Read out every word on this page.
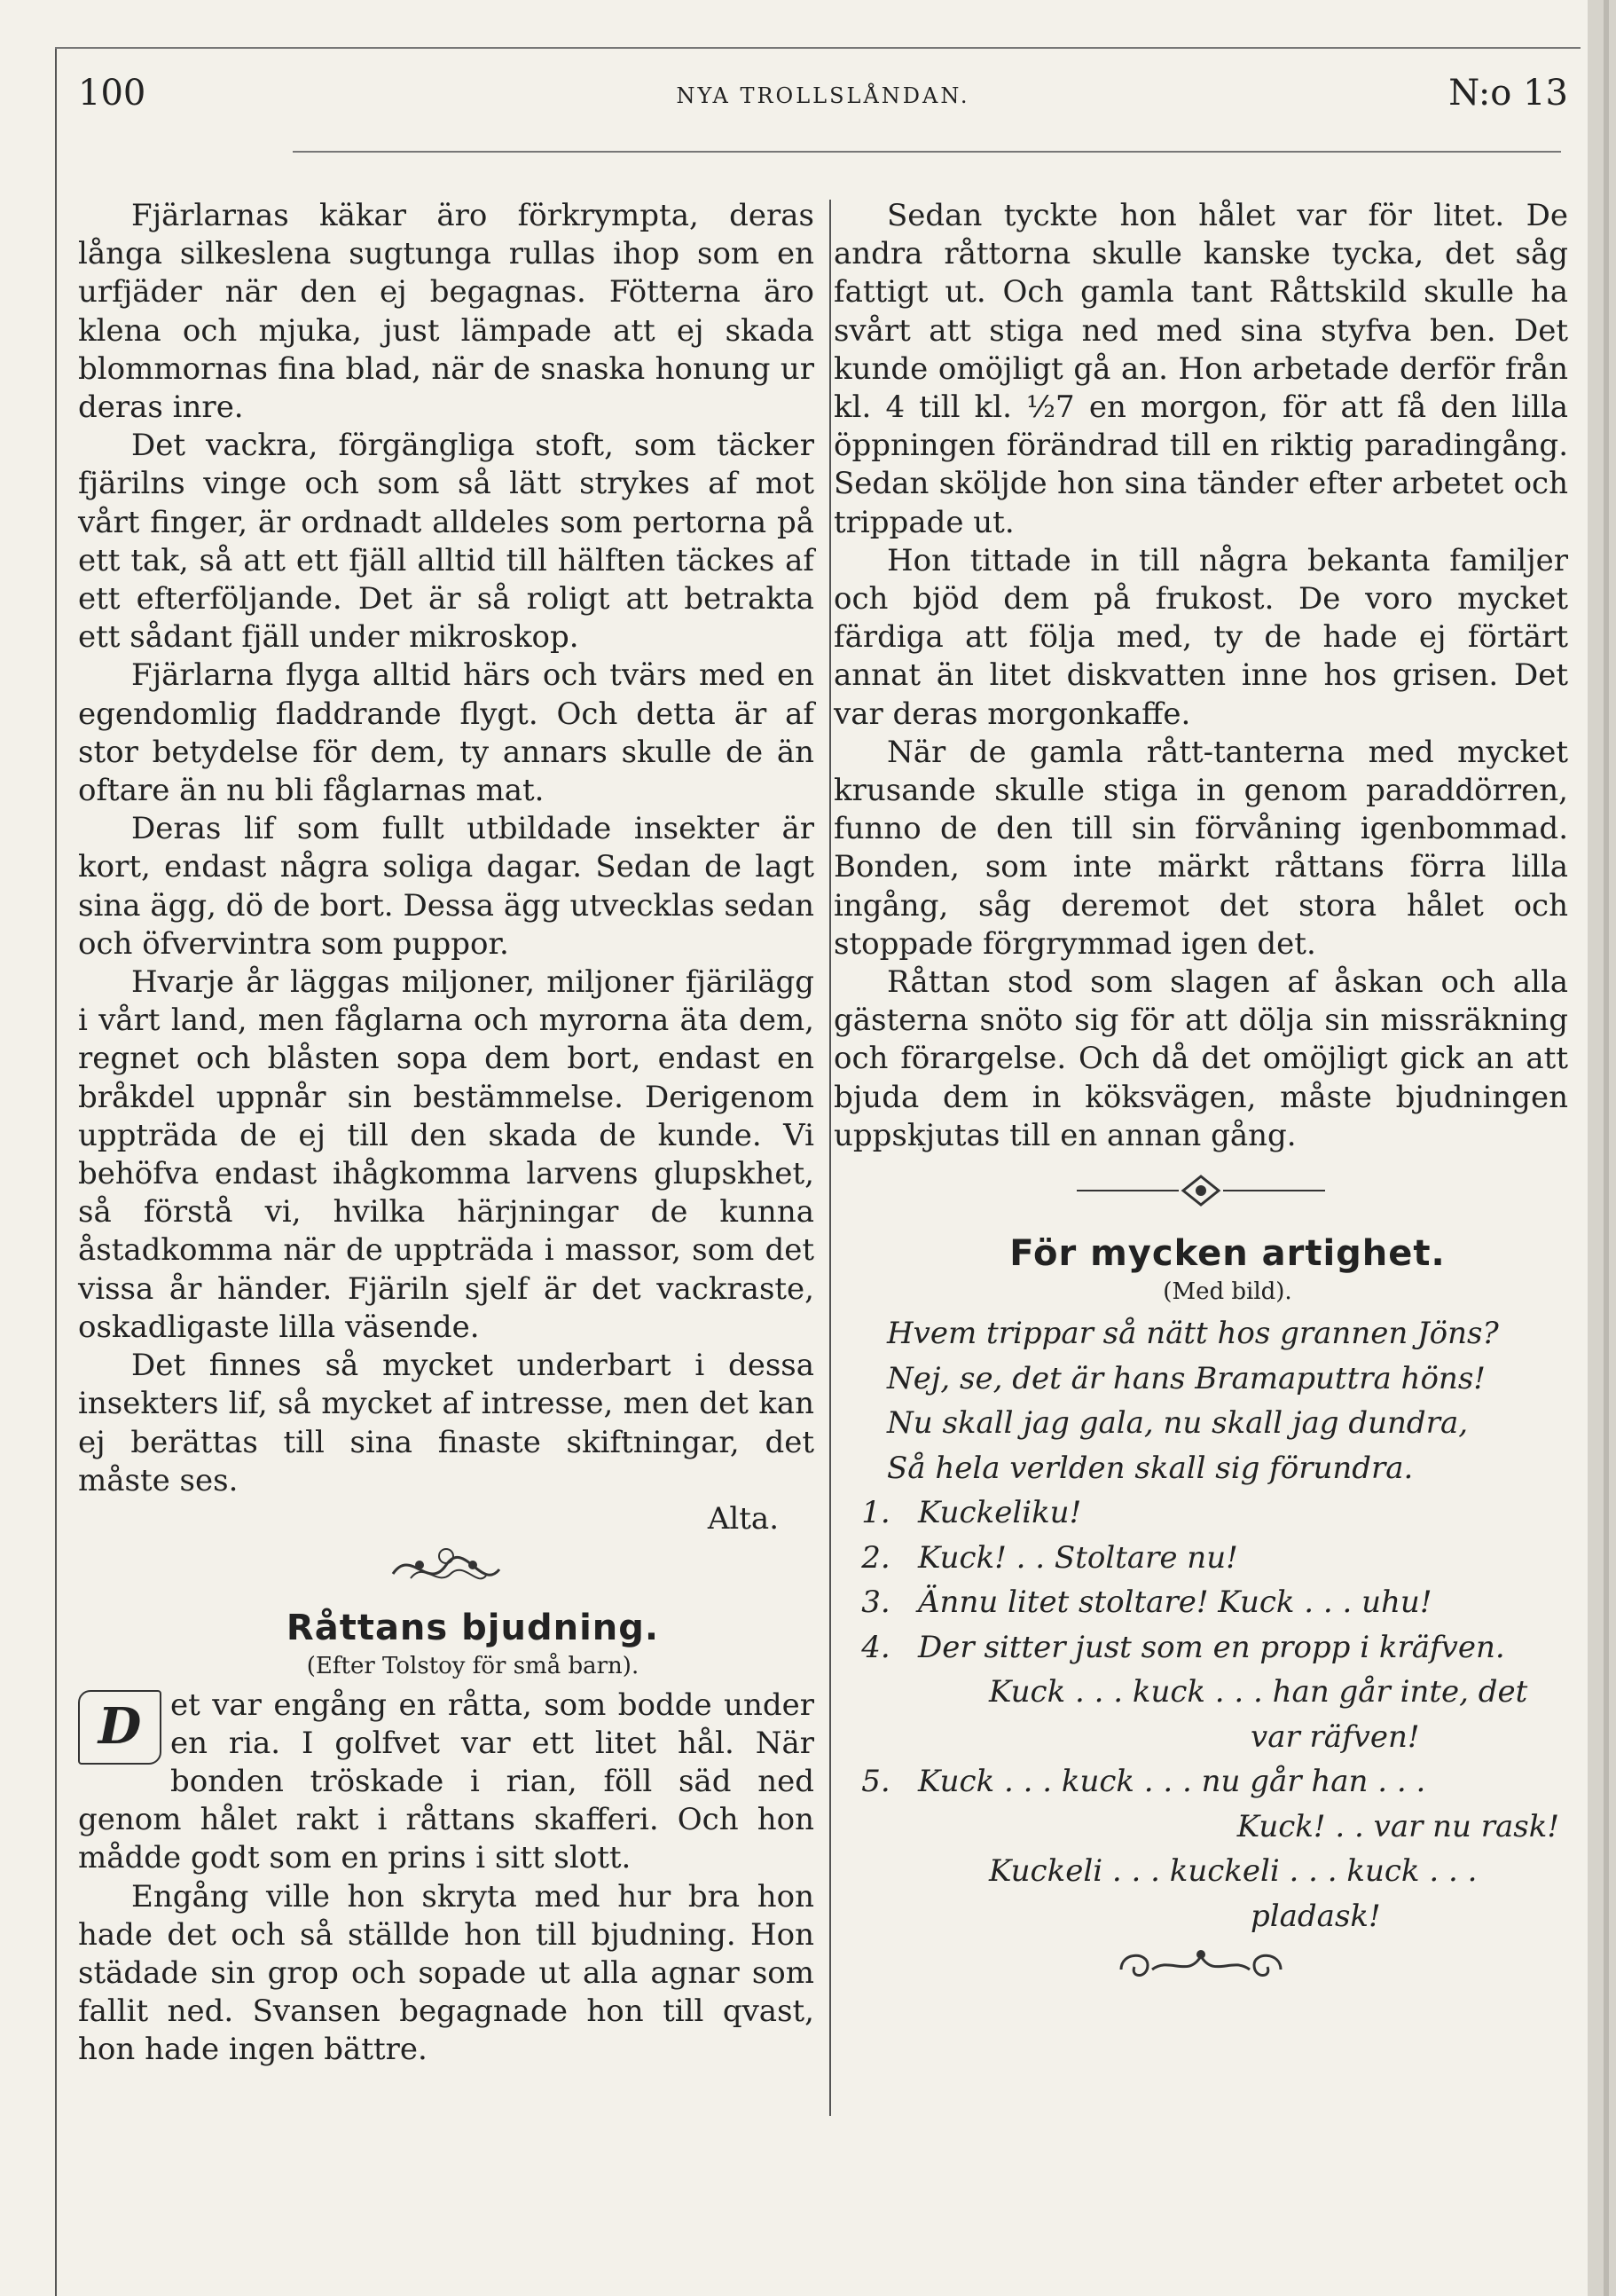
100	NYA TROLLSLÅNDAN.	N:o 13

Fjärlarnas käkar äro förkrympta, deras långa silkeslena sugtunga rullas ihop som en urfjäder när den ej begagnas. Fötterna äro klena och mjuka, just lämpade att ej skada blommornas fina blad, när de snaska honung ur deras inre.

Det vackra, förgängliga stoft, som täcker fjärilns vinge och som så lätt strykes af mot vårt finger, är ordnadt alldeles som pertorna på ett tak, så att ett fjäll alltid till hälften täckes af ett efterföljande. Det är så roligt att betrakta ett sådant fjäll under mikroskop.

Fjärlarna flyga alltid härs och tvärs med en egendomlig fladdrande flygt. Och detta är af stor betydelse för dem, ty annars skulle de än oftare än nu bli fåglarnas mat.

Deras lif som fullt utbildade insekter är kort, endast några soliga dagar. Sedan de lagt sina ägg, dö de bort. Dessa ägg utvecklas sedan och öfvervintra som puppor.

Hvarje år läggas miljoner, miljoner fjärilägg i vårt land, men fåglarna och myrorna äta dem, regnet och blåsten sopa dem bort, endast en bråkdel uppnår sin bestämmelse. Derigenom uppträda de ej till den skada de kunde. Vi behöfva endast ihågkomma larvens glupskhet, så förstå vi, hvilka härjningar de kunna åstadkomma när de uppträda i massor, som det vissa år händer. Fjäriln sjelf är det vackraste, oskadligaste lilla väsende.

Det finnes så mycket underbart i dessa insekters lif, så mycket af intresse, men det kan ej berättas till sina finaste skiftningar, det måste ses.

Alta.

Råttans bjudning.

(Efter Tolstoy för små barn).

D et var engång en råtta, som bodde under en ria. I golfvet var ett litet hål. När bonden tröskade i rian, föll säd ned genom hålet rakt i råttans skafferi. Och hon mådde godt som en prins i sitt slott.

Engång ville hon skryta med hur bra hon hade det och så ställde hon till bjudning. Hon städade sin grop och sopade ut alla agnar som fallit ned. Svansen begagnade hon till qvast, hon hade ingen bättre.

Sedan tyckte hon hålet var för litet. De andra råttorna skulle kanske tycka, det såg fattigt ut. Och gamla tant Råttskild skulle ha svårt att stiga ned med sina styfva ben. Det kunde omöjligt gå an. Hon arbetade derför från kl. 4 till kl. ½7 en morgon, för att få den lilla öppningen förändrad till en riktig paradingång. Sedan sköljde hon sina tänder efter arbetet och trippade ut.

Hon tittade in till några bekanta familjer och bjöd dem på frukost. De voro mycket färdiga att följa med, ty de hade ej förtärt annat än litet diskvatten inne hos grisen. Det var deras morgonkaffe.

När de gamla rått-tanterna med mycket krusande skulle stiga in genom paraddörren, funno de den till sin förvåning igenbommad. Bonden, som inte märkt råttans förra lilla ingång, såg deremot det stora hålet och stoppade förgrymmad igen det.

Råttan stod som slagen af åskan och alla gästerna snöto sig för att dölja sin missräkning och förargelse. Och då det omöjligt gick an att bjuda dem in köksvägen, måste bjudningen uppskjutas till en annan gång.

För mycken artighet.

(Med bild).

Hvem trippar så nätt hos grannen Jöns?

Nej, se, det är hans Bramaputtra höns!

Nu skall jag gala, nu skall jag dundra,

Så hela verlden skall sig förundra.

1. Kuckeliku!
2. Kuck! . . Stoltare nu!
3. Ännu litet stoltare! Kuck . . . uhu!
4. Der sitter just som en propp i kräfven.

Kuck . . . kuck . . . han går inte, det

var räfven!

5. Kuck . . . kuck . . . nu går han . . .

Kuck! . . var nu rask!

Kuckeli . . . kuckeli . . . kuck . . .

pladask!
